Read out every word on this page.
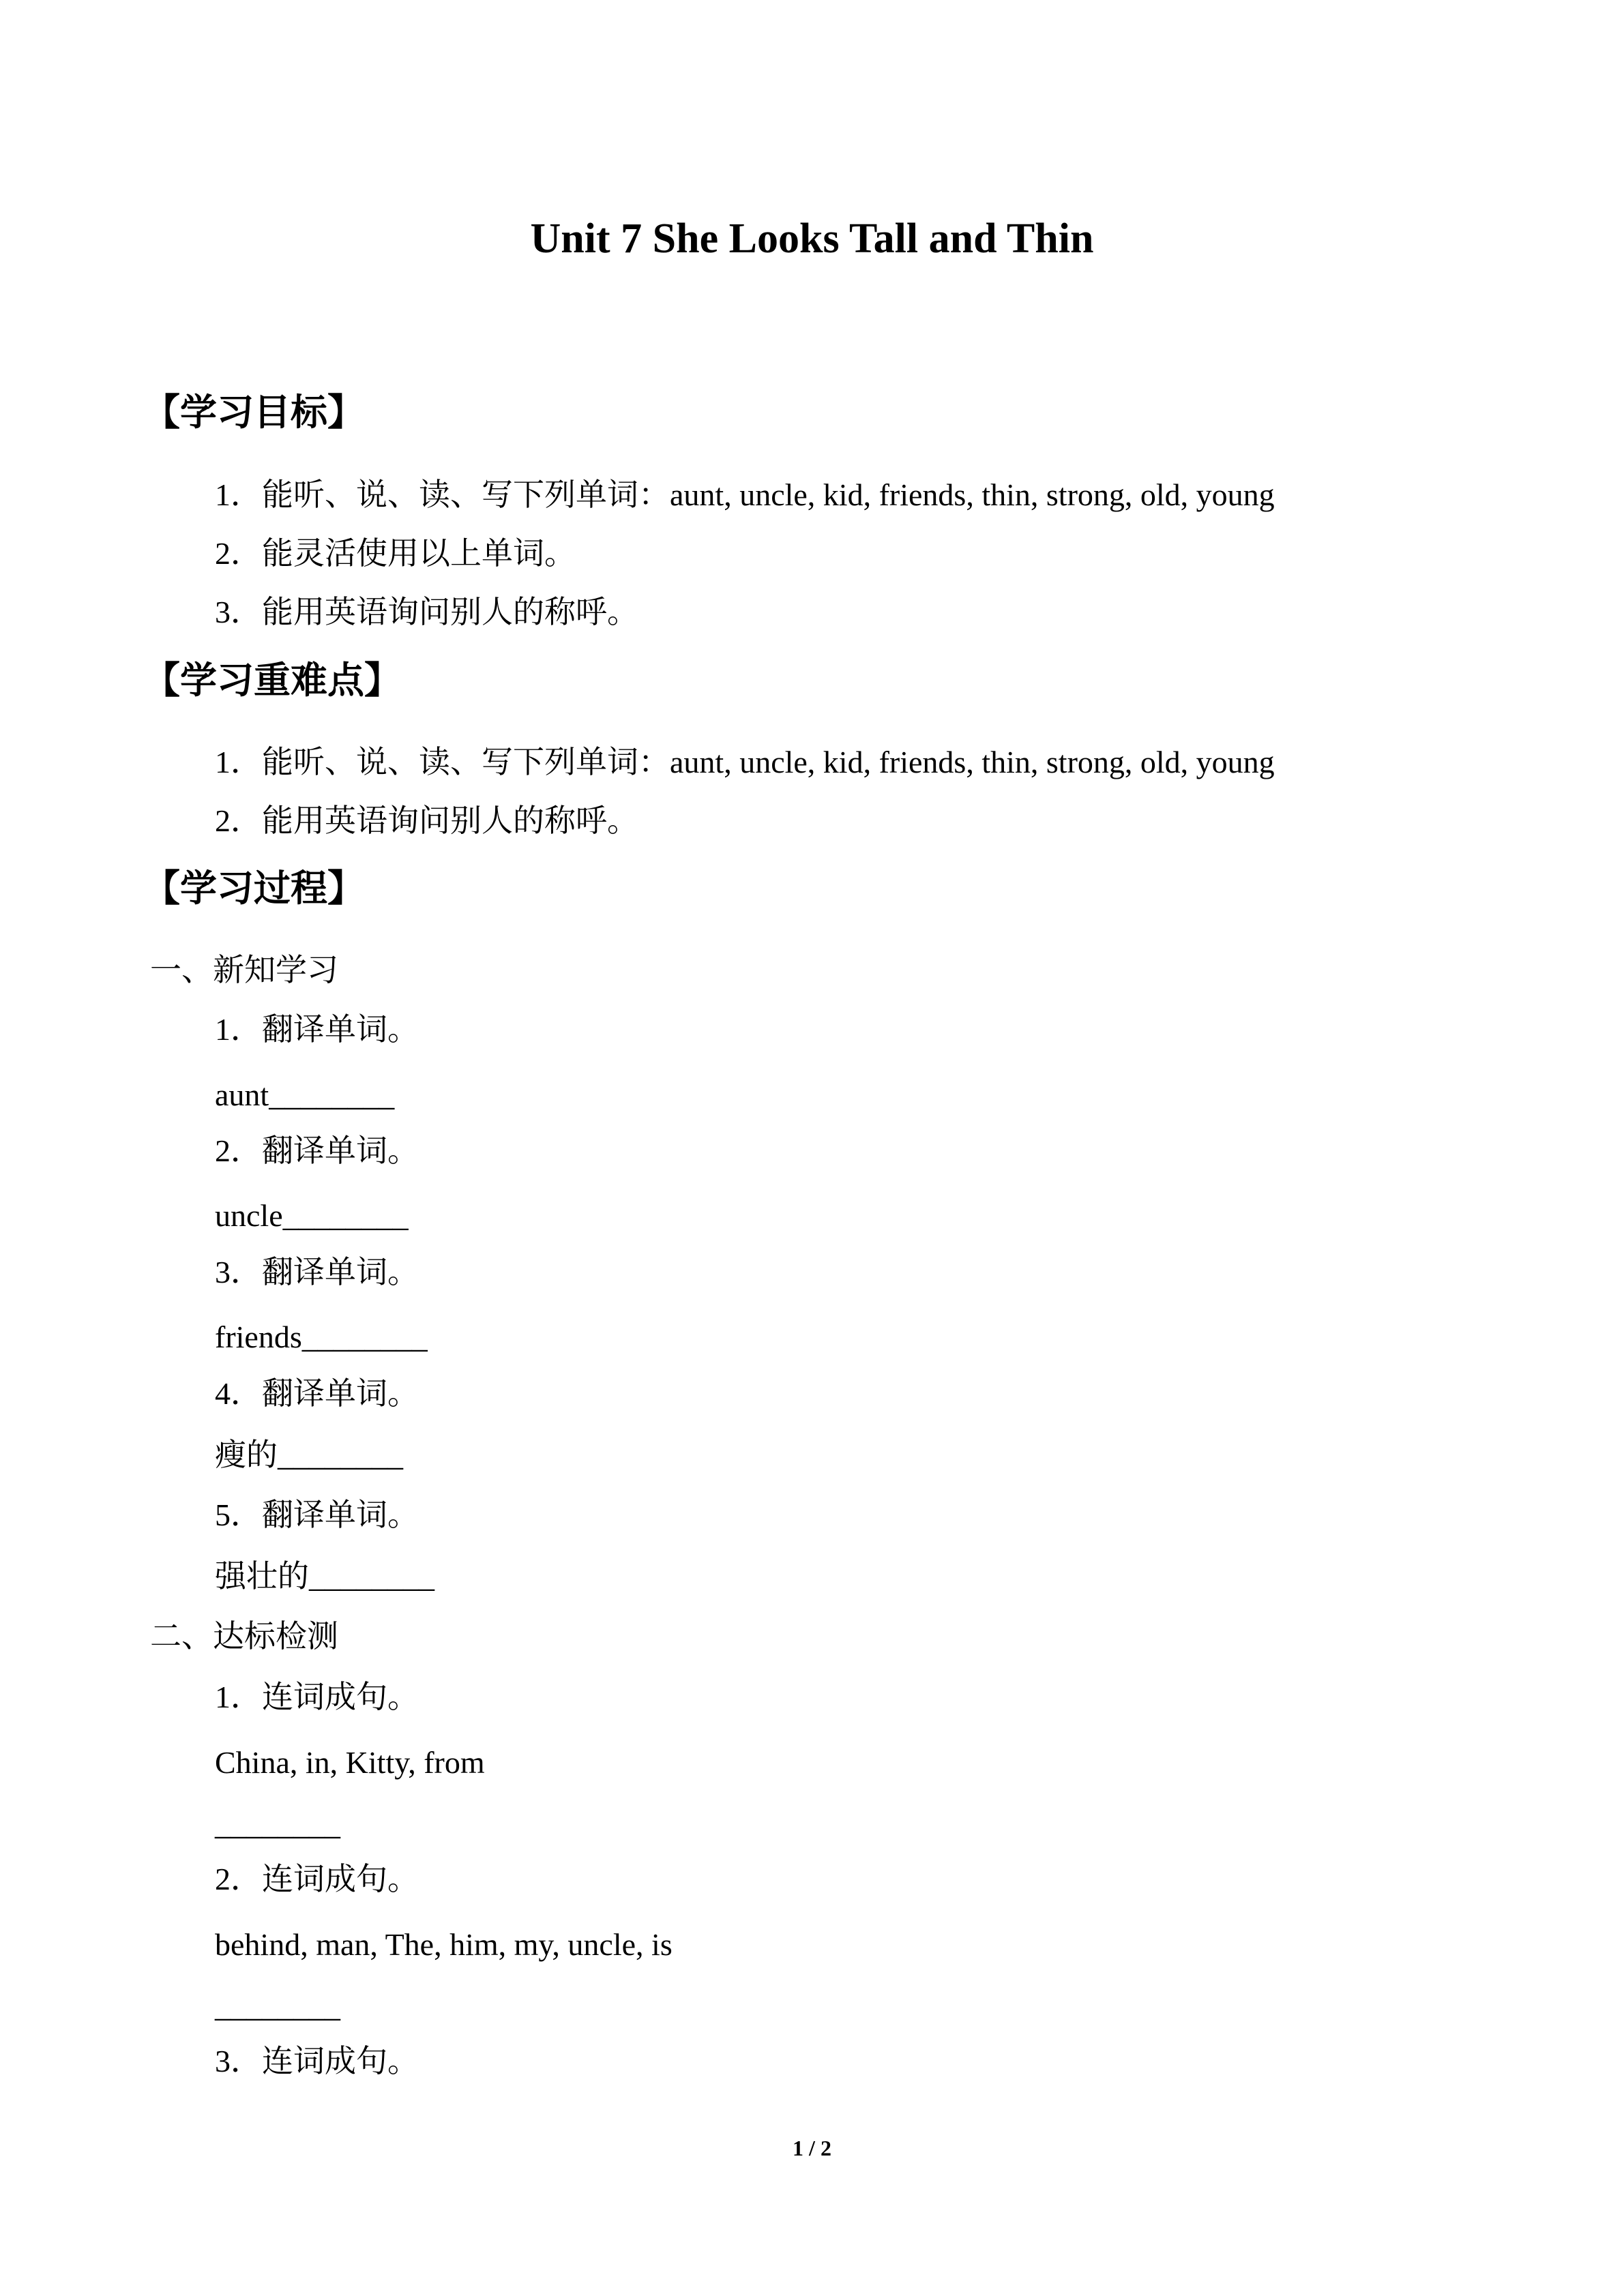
Unit 7 She Looks Tall and Thin
【学习目标】
1．能听、说、读、写下列单词：aunt, uncle, kid, friends, thin, strong, old, young
2．能灵活使用以上单词。
3．能用英语询问别人的称呼。
【学习重难点】
1．能听、说、读、写下列单词：aunt, uncle, kid, friends, thin, strong, old, young
2．能用英语询问别人的称呼。
【学习过程】
一、新知学习
1．翻译单词。
aunt________
2．翻译单词。
uncle________
3．翻译单词。
friends________
4．翻译单词。
瘦的________
5．翻译单词。
强壮的________
二、达标检测
1．连词成句。
China, in, Kitty, from
________
2．连词成句。
behind, man, The, him, my, uncle, is
________
3．连词成句。
1 / 2
